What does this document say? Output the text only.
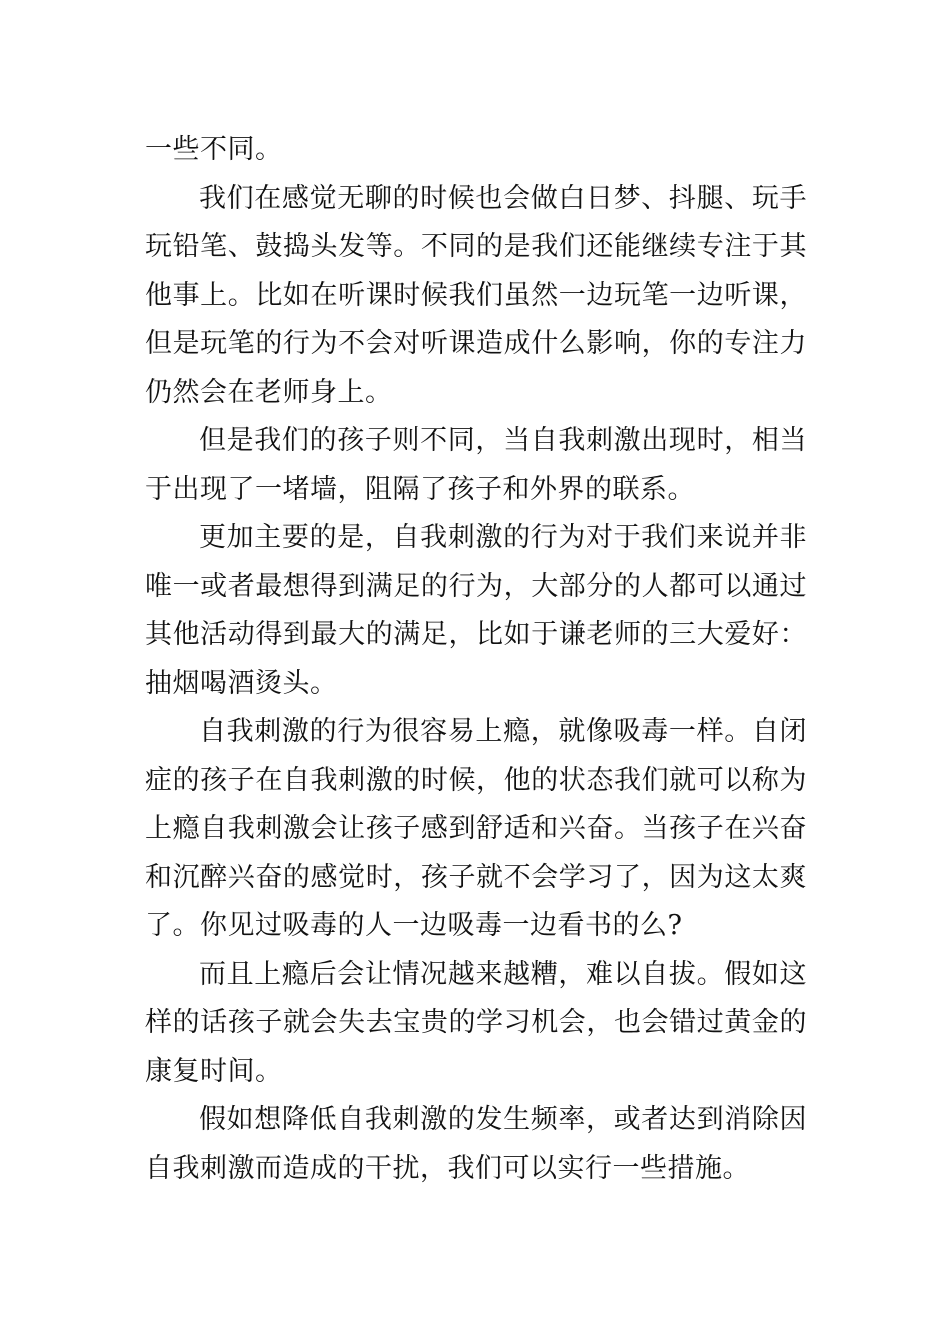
一些不同。

我们在感觉无聊的时候也会做白日梦、抖腿、玩手玩铅笔、鼓捣头发等。不同的是我们还能继续专注于其他事上。比如在听课时候我们虽然一边玩笔一边听课，但是玩笔的行为不会对听课造成什么影响，你的专注力仍然会在老师身上。

但是我们的孩子则不同，当自我刺激出现时，相当于出现了一堵墙，阻隔了孩子和外界的联系。

更加主要的是，自我刺激的行为对于我们来说并非唯一或者最想得到满足的行为，大部分的人都可以通过其他活动得到最大的满足，比如于谦老师的三大爱好：抽烟喝酒烫头。

自我刺激的行为很容易上瘾，就像吸毒一样。自闭症的孩子在自我刺激的时候，他的状态我们就可以称为上瘾自我刺激会让孩子感到舒适和兴奋。当孩子在兴奋和沉醉兴奋的感觉时，孩子就不会学习了，因为这太爽了。你见过吸毒的人一边吸毒一边看书的么?

而且上瘾后会让情况越来越糟，难以自拔。假如这样的话孩子就会失去宝贵的学习机会，也会错过黄金的康复时间。

假如想降低自我刺激的发生频率，或者达到消除因自我刺激而造成的干扰，我们可以实行一些措施。
